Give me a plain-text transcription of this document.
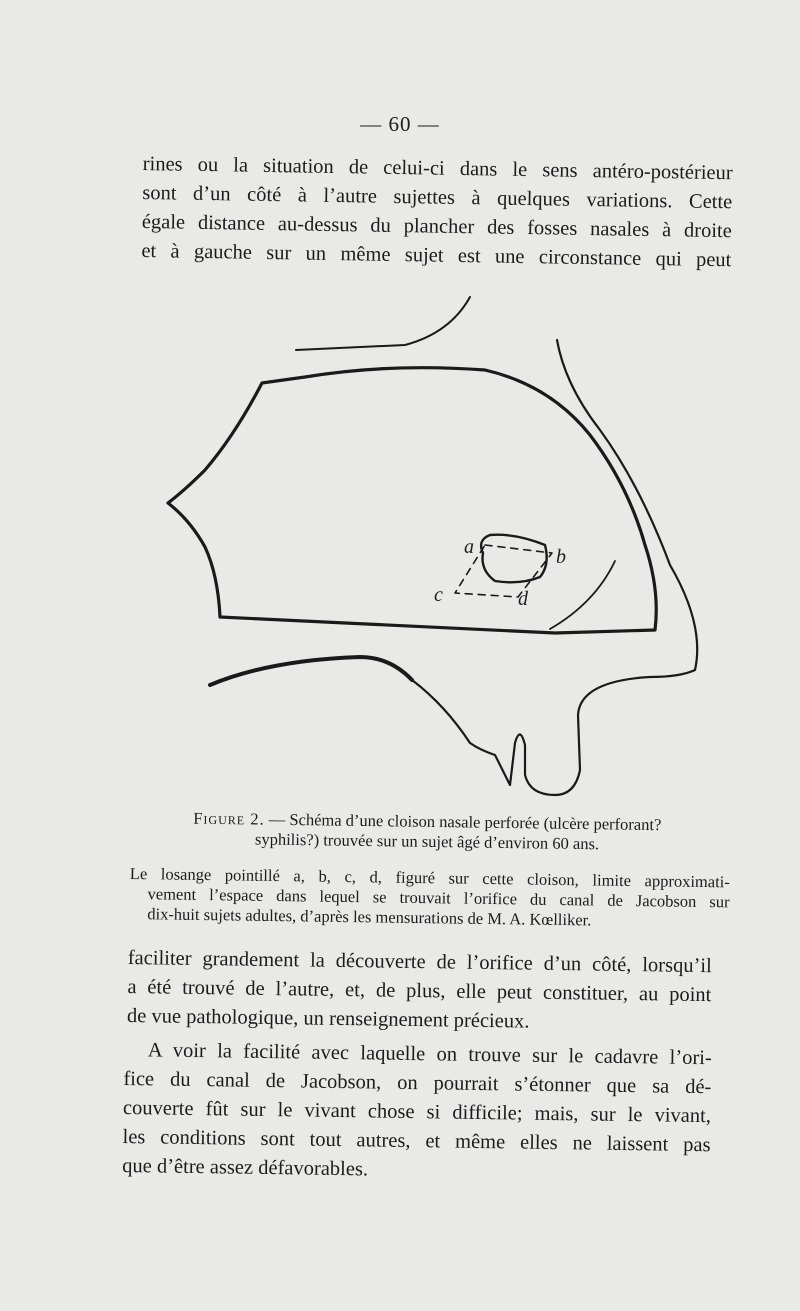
— 60 —
rines ou la situation de celui-ci dans le sens antéro-postérieur
sont d’un côté à l’autre sujettes à quelques variations. Cette
égale distance au-dessus du plancher des fosses nasales à droite
et à gauche sur un même sujet est une circonstance qui peut
a	b
c	d
Figure 2. — Schéma d’une cloison nasale perforée (ulcère perforant?
syphilis?) trouvée sur un sujet âgé d’environ 60 ans.
Le losange pointillé a, b, c, d, figuré sur cette cloison, limite approximati-
vement l’espace dans lequel se trouvait l’orifice du canal de Jacobson sur
dix-huit sujets adultes, d’après les mensurations de M. A. Kœlliker.
faciliter grandement la découverte de l’orifice d’un côté, lorsqu’il
a été trouvé de l’autre, et, de plus, elle peut constituer, au point
de vue pathologique, un renseignement précieux.
A voir la facilité avec laquelle on trouve sur le cadavre l’ori-
fice du canal de Jacobson, on pourrait s’étonner que sa dé-
couverte fût sur le vivant chose si difficile; mais, sur le vivant,
les conditions sont tout autres, et même elles ne laissent pas
que d’être assez défavorables.
